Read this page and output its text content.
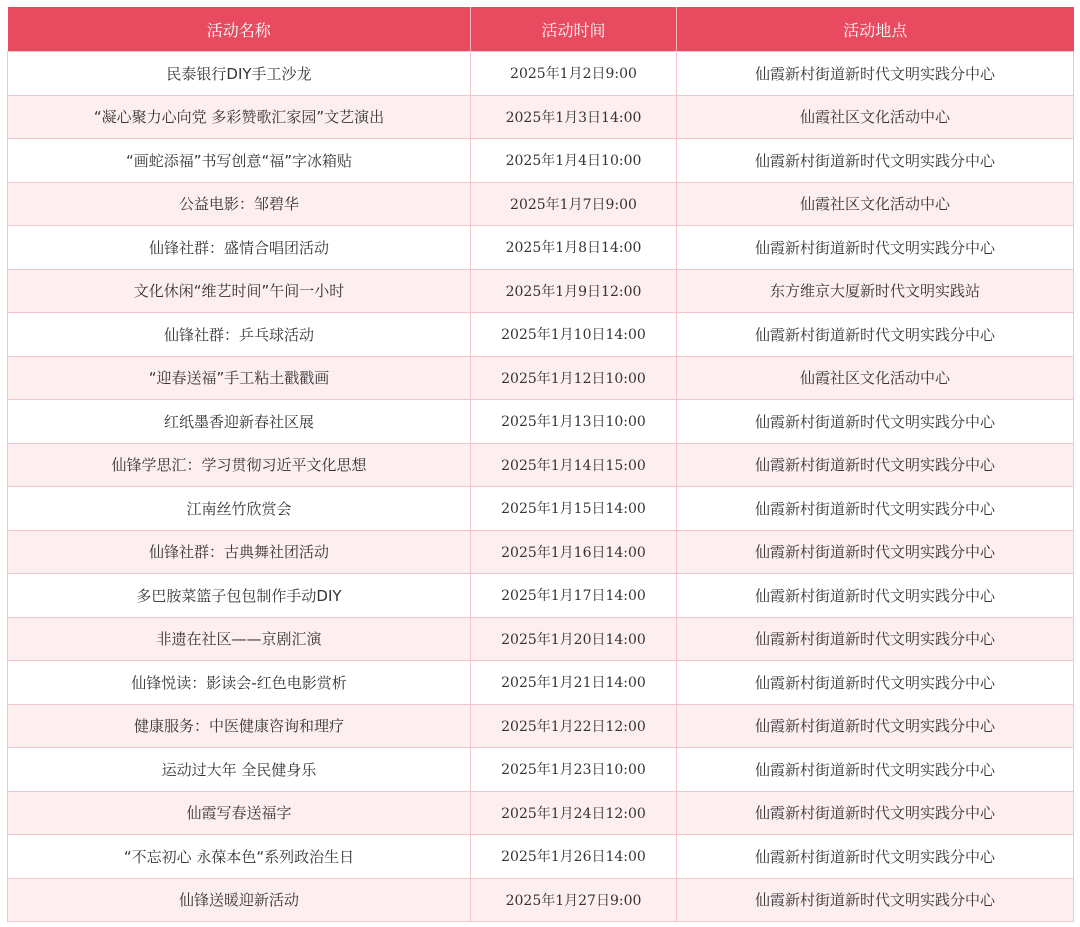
活动名称	活动时间	活动地点
民泰银行DIY手工沙龙	2025年1月2日9:00	仙霞新村街道新时代文明实践分中心
“凝心聚力心向党 多彩赞歌汇家园”文艺演出	2025年1月3日14:00	仙霞社区文化活动中心
“画蛇添福”书写创意“福”字冰箱贴	2025年1月4日10:00	仙霞新村街道新时代文明实践分中心
公益电影：邹碧华	2025年1月7日9:00	仙霞社区文化活动中心
仙锋社群：盛情合唱团活动	2025年1月8日14:00	仙霞新村街道新时代文明实践分中心
文化休闲“维艺时间”午间一小时	2025年1月9日12:00	东方维京大厦新时代文明实践站
仙锋社群：乒乓球活动	2025年1月10日14:00	仙霞新村街道新时代文明实践分中心
“迎春送福”手工粘土戳戳画	2025年1月12日10:00	仙霞社区文化活动中心
红纸墨香迎新春社区展	2025年1月13日10:00	仙霞新村街道新时代文明实践分中心
仙锋学思汇：学习贯彻习近平文化思想	2025年1月14日15:00	仙霞新村街道新时代文明实践分中心
江南丝竹欣赏会	2025年1月15日14:00	仙霞新村街道新时代文明实践分中心
仙锋社群：古典舞社团活动	2025年1月16日14:00	仙霞新村街道新时代文明实践分中心
多巴胺菜篮子包包制作手动DIY	2025年1月17日14:00	仙霞新村街道新时代文明实践分中心
非遗在社区——京剧汇演	2025年1月20日14:00	仙霞新村街道新时代文明实践分中心
仙锋悦读：影读会-红色电影赏析	2025年1月21日14:00	仙霞新村街道新时代文明实践分中心
健康服务：中医健康咨询和理疗	2025年1月22日12:00	仙霞新村街道新时代文明实践分中心
运动过大年 全民健身乐	2025年1月23日10:00	仙霞新村街道新时代文明实践分中心
仙霞写春送福字	2025年1月24日12:00	仙霞新村街道新时代文明实践分中心
“不忘初心 永葆本色“系列政治生日	2025年1月26日14:00	仙霞新村街道新时代文明实践分中心
仙锋送暖迎新活动	2025年1月27日9:00	仙霞新村街道新时代文明实践分中心
